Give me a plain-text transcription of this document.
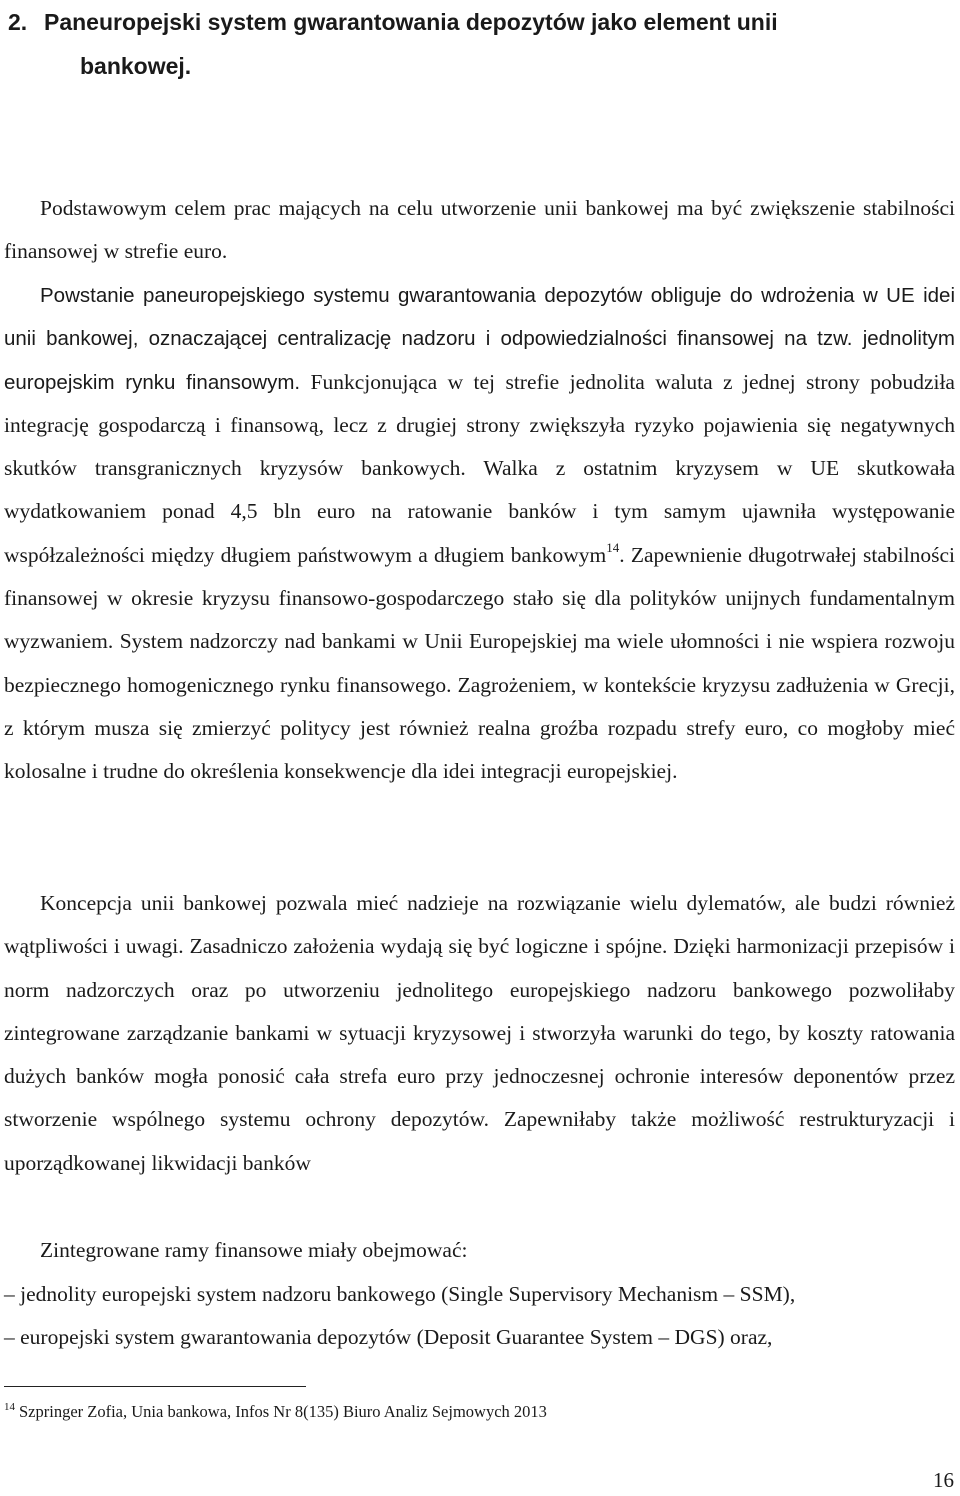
2. Paneuropejski system gwarantowania depozytów jako element unii
bankowej.

Podstawowym celem prac mających na celu utworzenie unii bankowej ma być zwiększenie stabilności finansowej w strefie euro.

Powstanie paneuropejskiego systemu gwarantowania depozytów obliguje do wdrożenia w UE idei unii bankowej, oznaczającej centralizację nadzoru i odpowiedzialności finansowej na tzw. jednolitym europejskim rynku finansowym. Funkcjonująca w tej strefie jednolita waluta z jednej strony pobudziła integrację gospodarczą i finansową, lecz z drugiej strony zwiększyła ryzyko pojawienia się negatywnych skutków transgranicznych kryzysów bankowych. Walka z ostatnim kryzysem w UE skutkowała wydatkowaniem ponad 4,5 bln euro na ratowanie banków i tym samym ujawniła występowanie współzależności między długiem państwowym a długiem bankowym$^{14}$. Zapewnienie długotrwałej stabilności finansowej w okresie kryzysu finansowo-gospodarczego stało się dla polityków unijnych fundamentalnym wyzwaniem. System nadzorczy nad bankami w Unii Europejskiej ma wiele ułomności i nie wspiera rozwoju bezpiecznego homogenicznego rynku finansowego. Zagrożeniem, w kontekście kryzysu zadłużenia w Grecji, z którym musza się zmierzyć politycy jest również realna groźba rozpadu strefy euro, co mogłoby mieć kolosalne i trudne do określenia konsekwencje dla idei integracji europejskiej.

Koncepcja unii bankowej pozwala mieć nadzieje na rozwiązanie wielu dylematów, ale budzi również wątpliwości i uwagi. Zasadniczo założenia wydają się być logiczne i spójne. Dzięki harmonizacji przepisów i norm nadzorczych oraz po utworzeniu jednolitego europejskiego nadzoru bankowego pozwoliłaby zintegrowane zarządzanie bankami w sytuacji kryzysowej i stworzyła warunki do tego, by koszty ratowania dużych banków mogła ponosić cała strefa euro przy jednoczesnej ochronie interesów deponentów przez stworzenie wspólnego systemu ochrony depozytów. Zapewniłaby także możliwość restrukturyzacji i uporządkowanej likwidacji banków

Zintegrowane ramy finansowe miały obejmować:

– jednolity europejski system nadzoru bankowego (Single Supervisory Mechanism – SSM),

– europejski system gwarantowania depozytów (Deposit Guarantee System – DGS) oraz,

$^{14}$ Szpringer Zofia, Unia bankowa, Infos Nr 8(135) Biuro Analiz Sejmowych 2013

16
